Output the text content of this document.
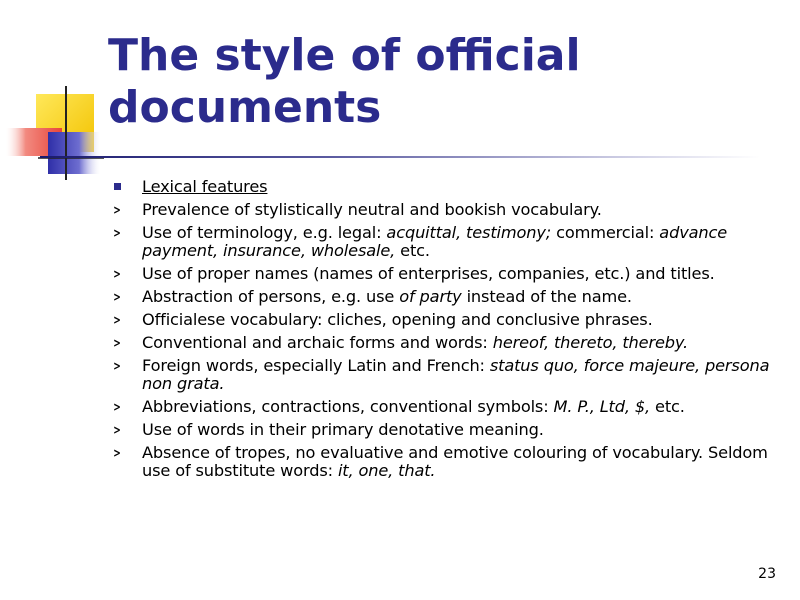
The style of official documents
Lexical features
> Prevalence of stylistically neutral and bookish vocabulary.
> Use of terminology, e.g. legal: acquittal, testimony; commercial: advance payment, insurance, wholesale, etc.
> Use of proper names (names of enterprises, companies, etc.) and titles.
> Abstraction of persons, e.g. use of party instead of the name.
> Officialese vocabulary: cliches, opening and conclusive phrases.
> Conventional and archaic forms and words: hereof, thereto, thereby.
> Foreign words, especially Latin and French: status quo, force majeure, persona non grata.
> Abbreviations, contractions, conventional symbols: M. P., Ltd, $, etc.
> Use of words in their primary denotative meaning.
> Absence of tropes, no evaluative and emotive colouring of vocabulary. Seldom use of substitute words: it, one, that.
23
